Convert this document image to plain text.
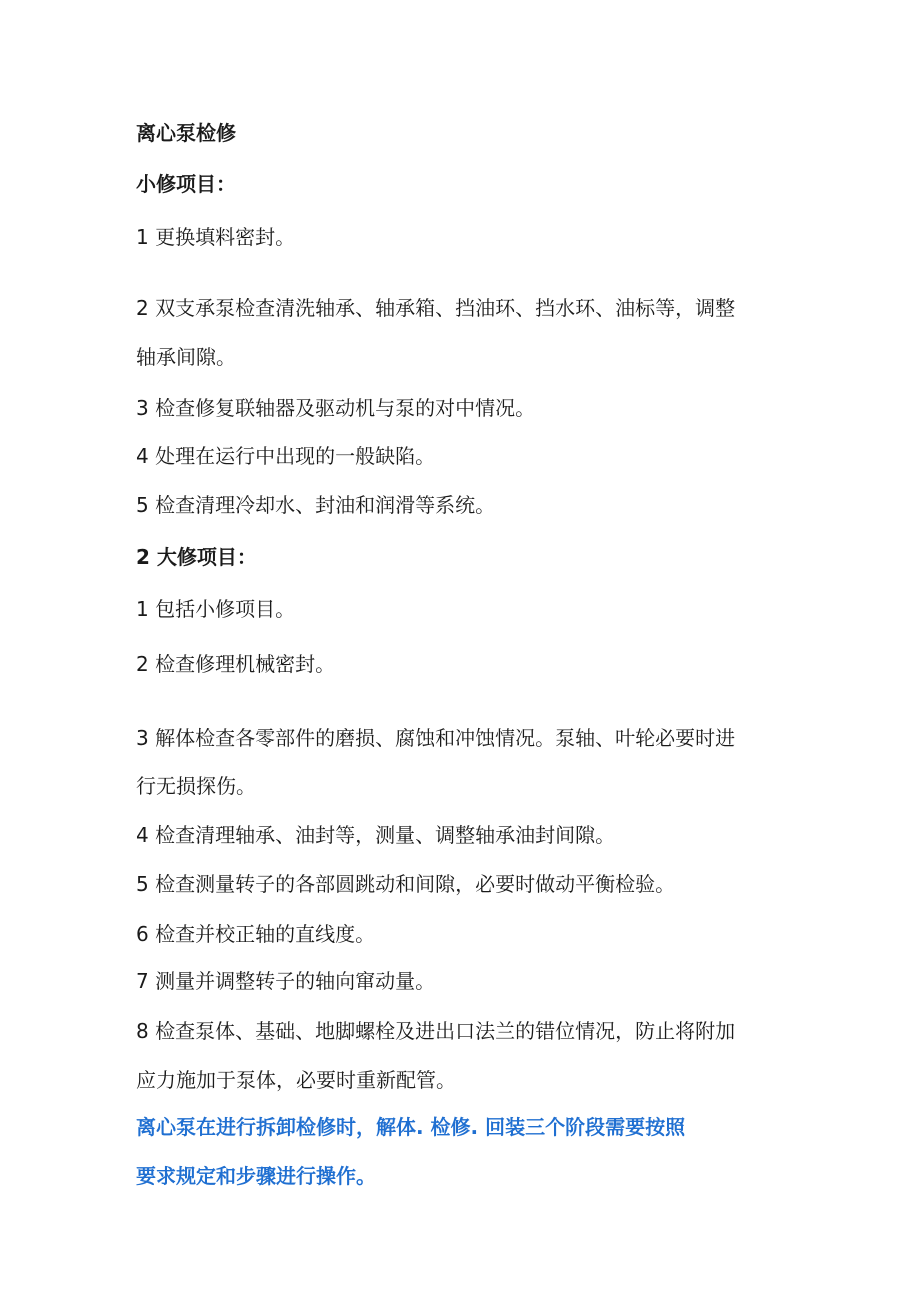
离心泵检修
小修项目：
1 更换填料密封。
2 双支承泵检查清洗轴承、轴承箱、挡油环、挡水环、油标等，调整
轴承间隙。
3 检查修复联轴器及驱动机与泵的对中情况。
4 处理在运行中出现的一般缺陷。
5 检查清理冷却水、封油和润滑等系统。
2 大修项目：
1 包括小修项目。
2 检查修理机械密封。
3 解体检查各零部件的磨损、腐蚀和冲蚀情况。泵轴、叶轮必要时进
行无损探伤。
4 检查清理轴承、油封等，测量、调整轴承油封间隙。
5 检查测量转子的各部圆跳动和间隙，必要时做动平衡检验。
6 检查并校正轴的直线度。
7 测量并调整转子的轴向窜动量。
8 检查泵体、基础、地脚螺栓及进出口法兰的错位情况，防止将附加
应力施加于泵体，必要时重新配管。
离心泵在进行拆卸检修时，解体. 检修. 回装三个阶段需要按照
要求规定和步骤进行操作。
